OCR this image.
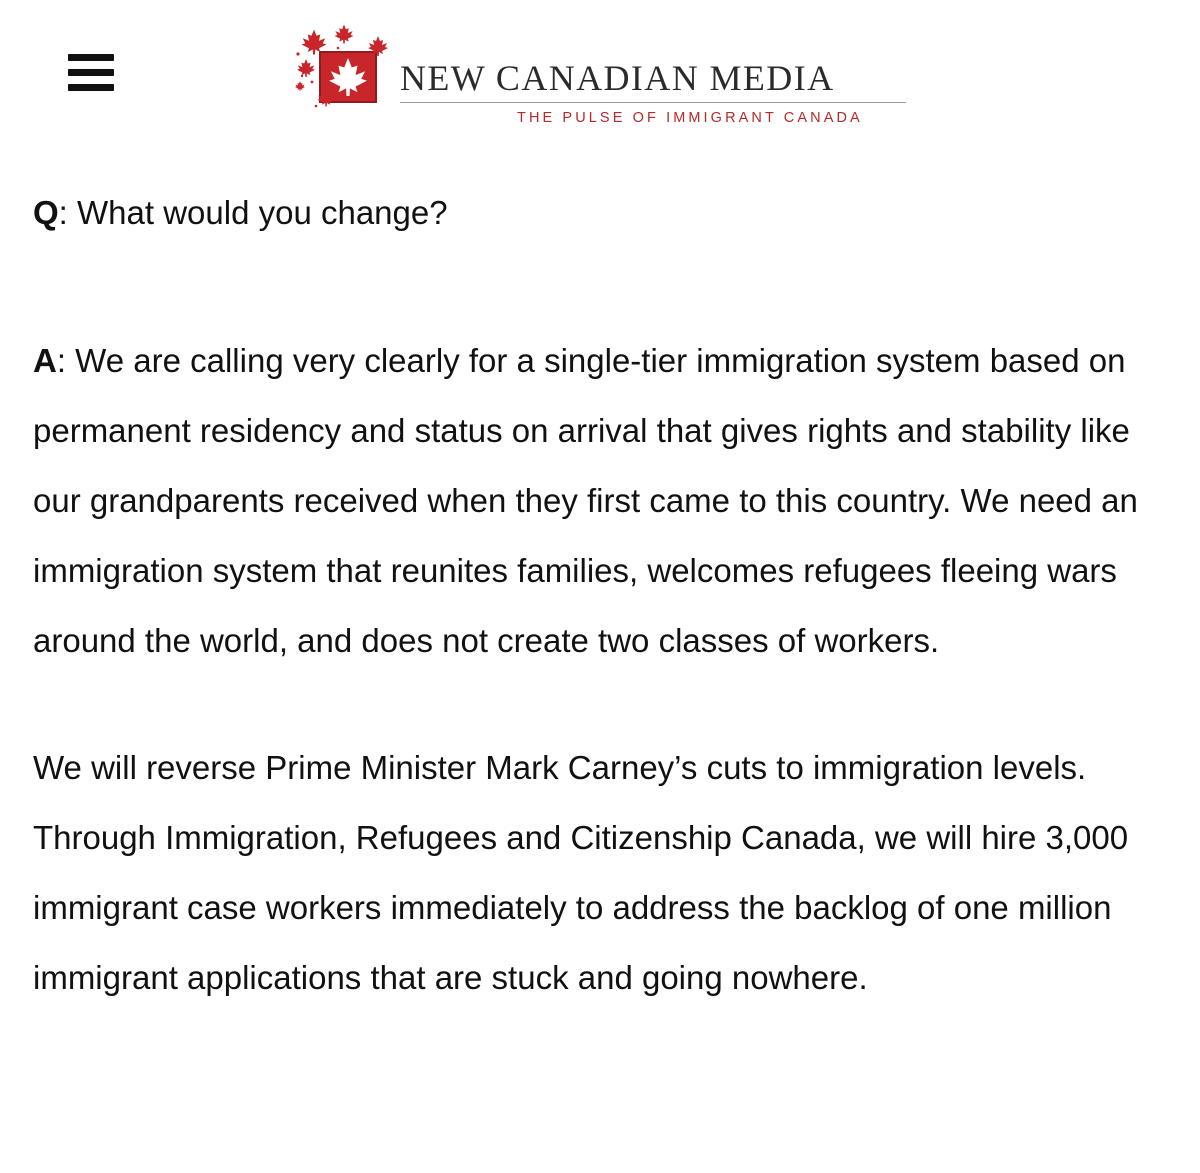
NEW CANADIAN MEDIA
THE PULSE OF IMMIGRANT CANADA

Q: What would you change?

A: We are calling very clearly for a single-tier immigration system based on permanent residency and status on arrival that gives rights and stability like our grandparents received when they first came to this country. We need an immigration system that reunites families, welcomes refugees fleeing wars around the world, and does not create two classes of workers.

We will reverse Prime Minister Mark Carney’s cuts to immigration levels. Through Immigration, Refugees and Citizenship Canada, we will hire 3,000 immigrant case workers immediately to address the backlog of one million immigrant applications that are stuck and going nowhere.
